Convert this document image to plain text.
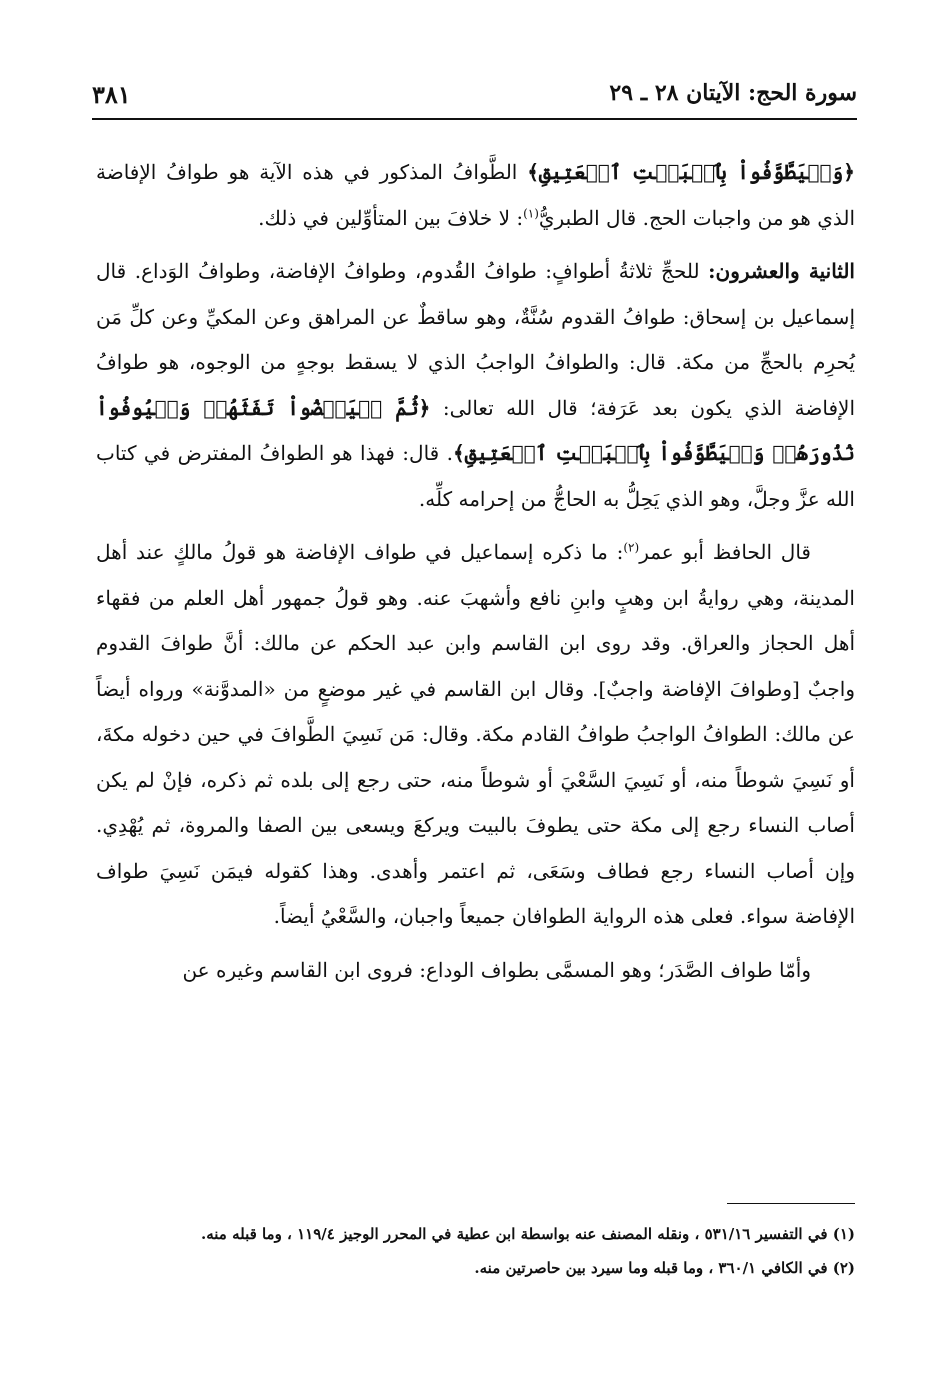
سورة الحج: الآيتان ٢٨ ـ ٢٩
٣٨١

﴿وَلۡيَطَّوَّفُواْ بِٱلۡبَيۡتِ ٱلۡعَتِيقِ﴾ الطَّوافُ المذكور في هذه الآية هو طوافُ الإفاضة الذي هو من واجبات الحج. قال الطبريُّ$^{(١)}$: لا خلافَ بين المتأوِّلين في ذلك.

الثانية والعشرون: للحجِّ ثلاثةُ أطوافٍ: طوافُ القُدوم، وطوافُ الإفاضة، وطوافُ الوَداع. قال إسماعيل بن إسحاق: طوافُ القدوم سُنَّةٌ، وهو ساقطٌ عن المراهق وعن المكيِّ وعن كلِّ مَن يُحرِم بالحجِّ من مكة. قال: والطوافُ الواجبُ الذي لا يسقط بوجهٍ من الوجوه، هو طوافُ الإفاضة الذي يكون بعد عَرَفة؛ قال الله تعالى: ﴿ثُمَّ لۡيَقۡضُواْ تَفَثَهُمۡ وَلۡيُوفُواْ نُذُورَهُمۡ وَلۡيَطَّوَّفُواْ بِٱلۡبَيۡتِ ٱلۡعَتِيقِ﴾. قال: فهذا هو الطوافُ المفترض في كتاب الله عزَّ وجلَّ، وهو الذي يَحِلُّ به الحاجُّ من إحرامه كلِّه.

قال الحافظ أبو عمر$^{(٢)}$: ما ذكره إسماعيل في طواف الإفاضة هو قولُ مالكٍ عند أهل المدينة، وهي روايةُ ابن وهبٍ وابنِ نافع وأشهبَ عنه. وهو قولُ جمهور أهل العلم من فقهاء أهل الحجاز والعراق. وقد روى ابن القاسم وابن عبد الحكم عن مالك: أنَّ طوافَ القدوم واجبٌ [وطوافَ الإفاضة واجبٌ]. وقال ابن القاسم في غير موضعٍ من «المدوَّنة» ورواه أيضاً عن مالك: الطوافُ الواجبُ طوافُ القادم مكة. وقال: مَن نَسِيَ الطَّوافَ في حين دخوله مكةَ، أو نَسِيَ شوطاً منه، أو نَسِيَ السَّعْيَ أو شوطاً منه، حتى رجع إلى بلده ثم ذكره، فإنْ لم يكن أصاب النساء رجع إلى مكة حتى يطوفَ بالبيت ويركعَ ويسعى بين الصفا والمروة، ثم يُهْدِي. وإن أصاب النساء رجع فطاف وسَعَى، ثم اعتمر وأهدى. وهذا كقوله فيمَن نَسِيَ طواف الإفاضة سواء. فعلى هذه الرواية الطوافان جميعاً واجبان، والسَّعْيُ أيضاً.

وأمّا طواف الصَّدَر؛ وهو المسمَّى بطواف الوداع: فروى ابن القاسم وغيره عن

(١) في التفسير ٥٣١/١٦ ، ونقله المصنف عنه بواسطة ابن عطية في المحرر الوجيز ١١٩/٤ ، وما قبله منه.

(٢) في الكافي ٣٦٠/١ ، وما قبله وما سيرد بين حاصرتين منه.
